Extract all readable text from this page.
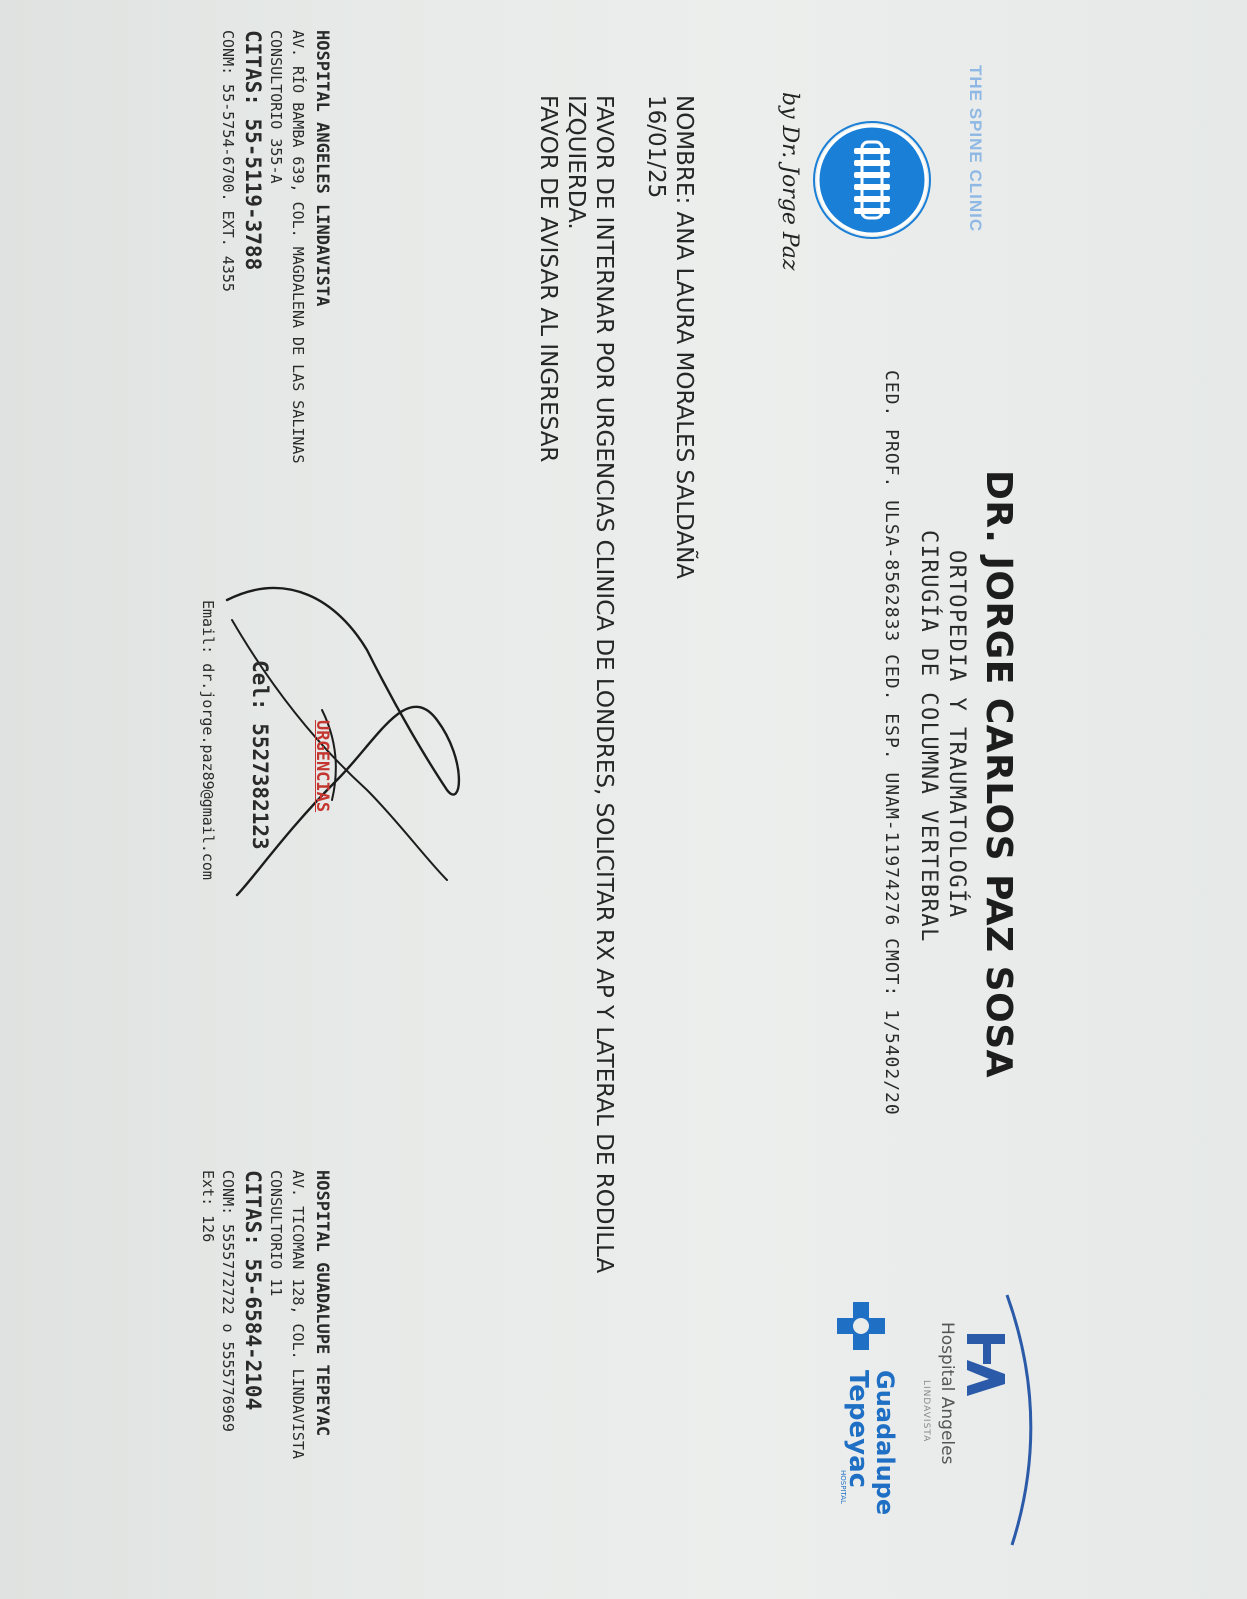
THE SPINE CLINIC
by Dr. Jorge Paz
DR. JORGE CARLOS PAZ SOSA
ORTOPEDIA Y TRAUMATOLOGÍA
CIRUGÍA DE COLUMNA VERTEBRAL
CED. PROF. ULSA-8562833 CED. ESP. UNAM-11974276 CMOT: 1/5402/20
Hospital Angeles
LINDAVISTA
Guadalupe
Tepeyac
HOSPITAL
NOMBRE: ANA LAURA MORALES SALDAÑA
16/01/25
FAVOR DE INTERNAR POR URGENCIAS CLINICA DE LONDRES, SOLICITAR RX AP Y LATERAL DE RODILLA
IZQUIERDA.
FAVOR DE AVISAR AL INGRESAR
HOSPITAL ANGELES LINDAVISTA
AV. RÍO BAMBA 639, COL. MAGDALENA DE LAS SALINAS
CONSULTORIO 355-A
CITAS: 55-5119-3788
CONM: 55-5754-6700. EXT. 4355
URGENCIAS
Cel: 5527382123
Email: dr.jorge.paz89@gmail.com
HOSPITAL GUADALUPE TEPEYAC
AV. TICOMAN 128, COL. LINDAVISTA
CONSULTORIO 11
CITAS: 55-6584-2104
CONM: 5555772722 o 5555776969
Ext: 126
